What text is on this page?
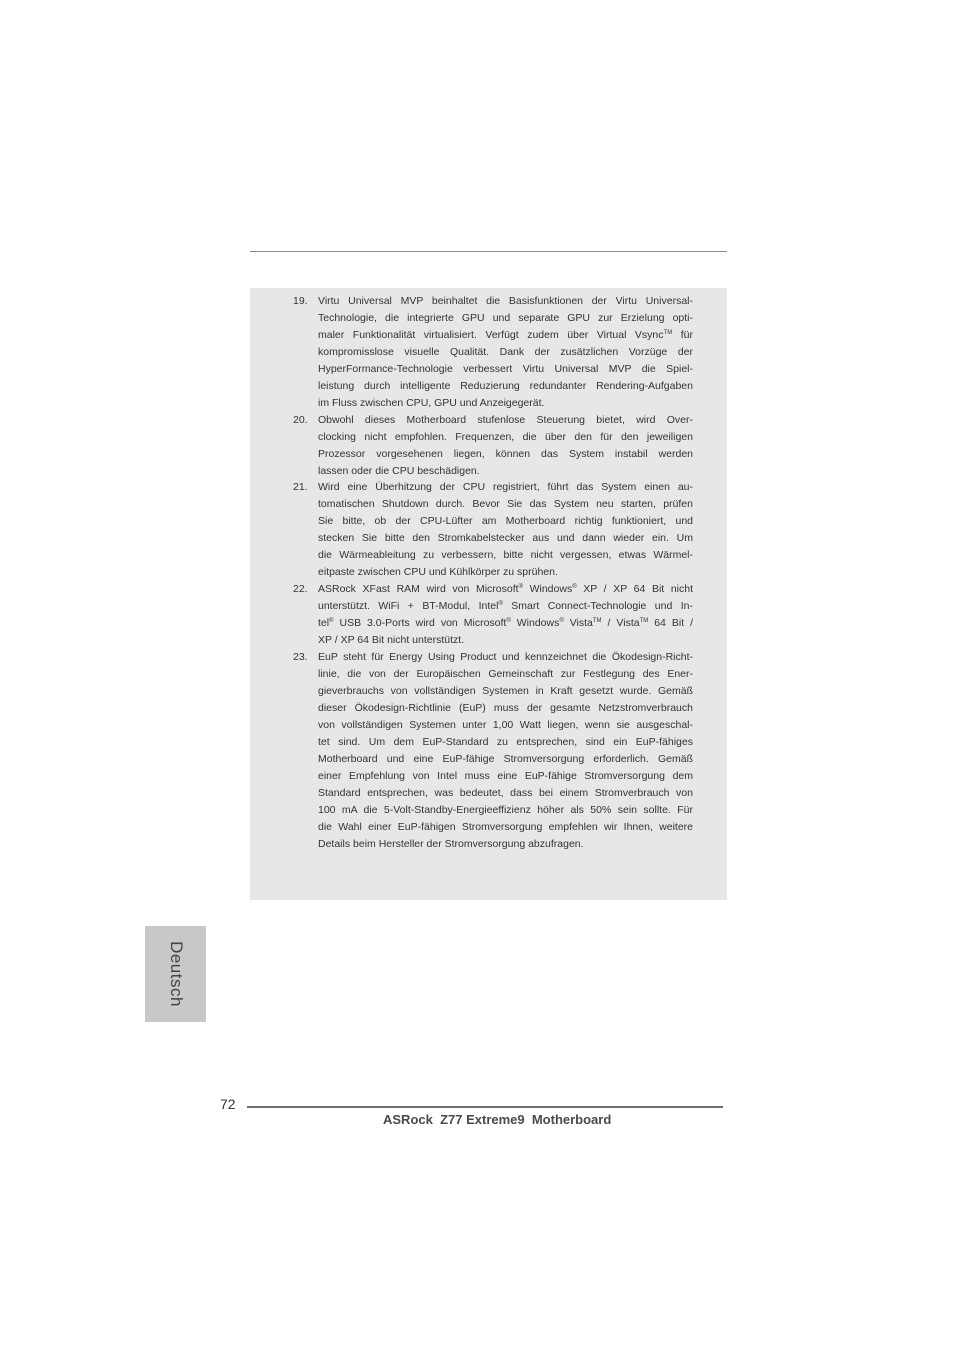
19. Virtu Universal MVP beinhaltet die Basisfunktionen der Virtu Universal-
Technologie, die integrierte GPU und separate GPU zur Erzielung opti-
maler Funktionalität virtualisiert. Verfügt zudem über Virtual Vsync™ für
kompromisslose visuelle Qualität. Dank der zusätzlichen Vorzüge der
HyperFormance-Technologie verbessert Virtu Universal MVP die Spiel-
leistung durch intelligente Reduzierung redundanter Rendering-Aufgaben
im Fluss zwischen CPU, GPU und Anzeigegerät.
20. Obwohl dieses Motherboard stufenlose Steuerung bietet, wird Over-
clocking nicht empfohlen. Frequenzen, die über den für den jeweiligen
Prozessor vorgesehenen liegen, können das System instabil werden
lassen oder die CPU beschädigen.
21. Wird eine Überhitzung der CPU registriert, führt das System einen au-
tomatischen Shutdown durch. Bevor Sie das System neu starten, prüfen
Sie bitte, ob der CPU-Lüfter am Motherboard richtig funktioniert, und
stecken Sie bitte den Stromkabelstecker aus und dann wieder ein. Um
die Wärmeableitung zu verbessern, bitte nicht vergessen, etwas Wärmel-
eitpaste zwischen CPU und Kühlkörper zu sprühen.
22. ASRock XFast RAM wird von Microsoft® Windows® XP / XP 64 Bit nicht
unterstützt. WiFi + BT-Modul, Intel® Smart Connect-Technologie und In-
tel® USB 3.0-Ports wird von Microsoft® Windows® Vista™ / Vista™ 64 Bit /
XP / XP 64 Bit nicht unterstützt.
23. EuP steht für Energy Using Product und kennzeichnet die Ökodesign-Richt-
linie, die von der Europäischen Gemeinschaft zur Festlegung des Ener-
gieverbrauchs von vollständigen Systemen in Kraft gesetzt wurde. Gemäß
dieser Ökodesign-Richtlinie (EuP) muss der gesamte Netzstromverbrauch
von vollständigen Systemen unter 1,00 Watt liegen, wenn sie ausgeschal-
tet sind. Um dem EuP-Standard zu entsprechen, sind ein EuP-fähiges
Motherboard und eine EuP-fähige Stromversorgung erforderlich. Gemäß
einer Empfehlung von Intel muss eine EuP-fähige Stromversorgung dem
Standard entsprechen, was bedeutet, dass bei einem Stromverbrauch von
100 mA die 5-Volt-Standby-Energieeffizienz höher als 50% sein sollte. Für
die Wahl einer EuP-fähigen Stromversorgung empfehlen wir Ihnen, weitere
Details beim Hersteller der Stromversorgung abzufragen.
Deutsch
72
ASRock  Z77 Extreme9  Motherboard
